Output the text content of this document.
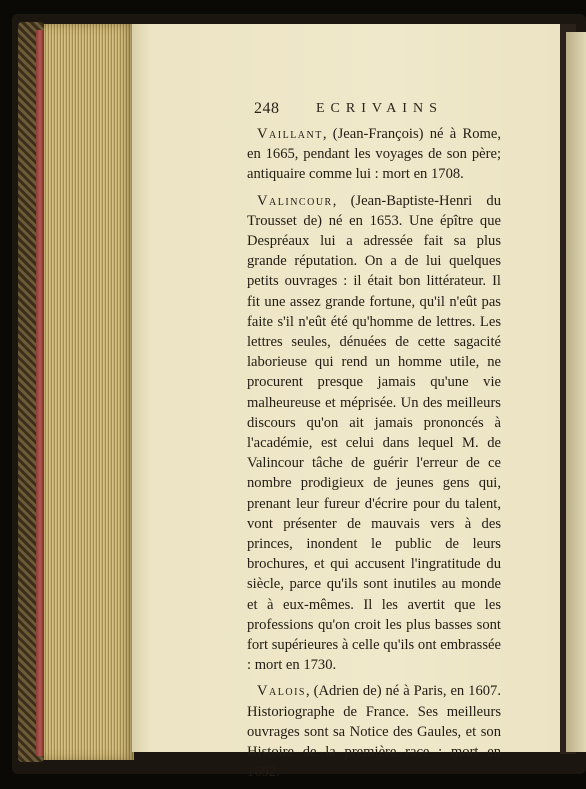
248	ECRIVAINS

Vaillant, (Jean-François) né à Rome, en 1665, pendant les voyages de son père; antiquaire comme lui : mort en 1708.

Valincour, (Jean-Baptiste-Henri du Trousset de) né en 1653. Une épître que Despréaux lui a adressée fait sa plus grande réputation. On a de lui quelques petits ouvrages : il était bon littérateur. Il fit une assez grande fortune, qu'il n'eût pas faite s'il n'eût été qu'homme de lettres. Les lettres seules, dénuées de cette sagacité laborieuse qui rend un homme utile, ne procurent presque jamais qu'une vie malheureuse et méprisée. Un des meilleurs discours qu'on ait jamais prononcés à l'académie, est celui dans lequel M. de Valincour tâche de guérir l'erreur de ce nombre prodigieux de jeunes gens qui, prenant leur fureur d'écrire pour du talent, vont présenter de mauvais vers à des princes, inondent le public de leurs brochures, et qui accusent l'ingratitude du siècle, parce qu'ils sont inutiles au monde et à eux-mêmes. Il les avertit que les professions qu'on croit les plus basses sont fort supérieures à celle qu'ils ont embrassée : mort en 1730.

Valois, (Adrien de) né à Paris, en 1607. Historiographe de France. Ses meilleurs ouvrages sont sa Notice des Gaules, et son Histoire de la première race : mort en 1692.
